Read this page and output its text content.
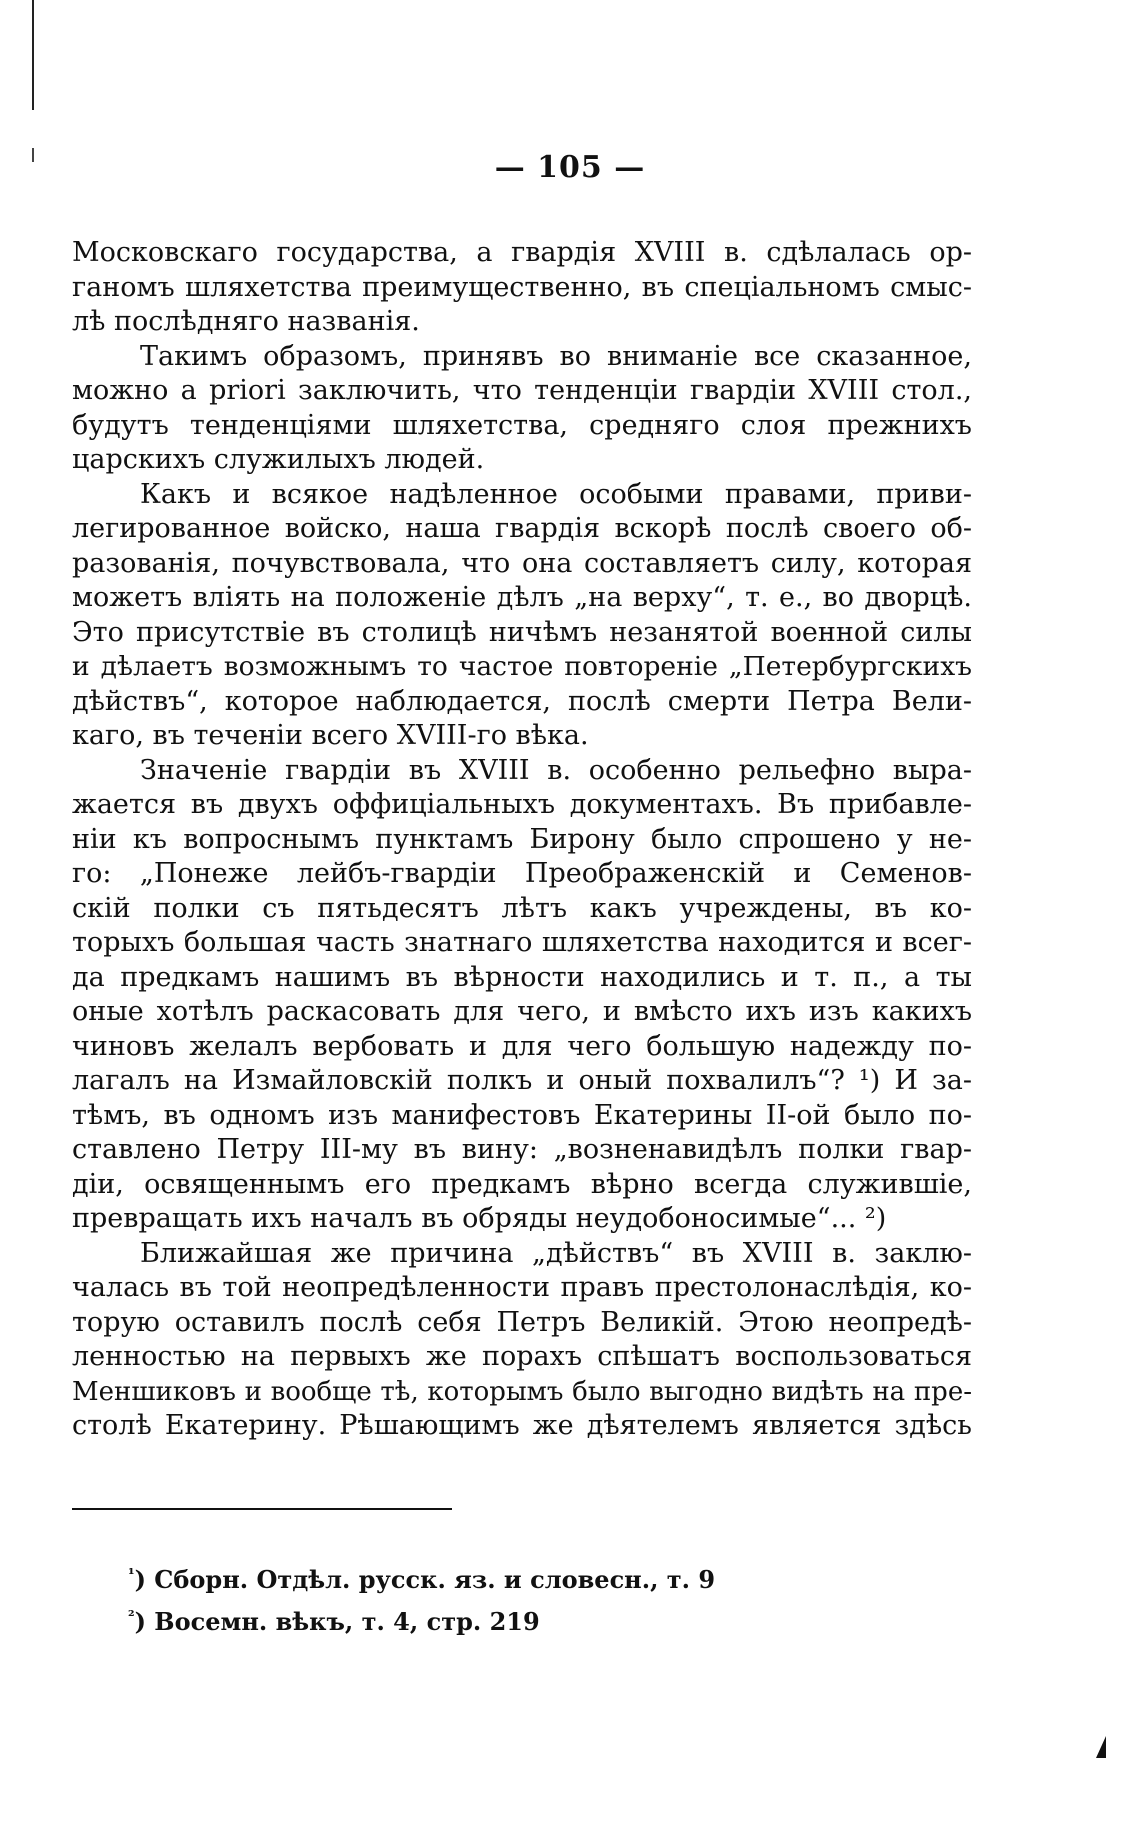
— 105 —
Московскаго государства, а гвардія XVIII в. сдѣлалась ор-
ганомъ шляхетства преимущественно, въ спеціальномъ смыс-
лѣ послѣдняго названія.
Такимъ образомъ, принявъ во вниманіе все сказанное,
можно a priori заключить, что тенденціи гвардіи XVIII стол.,
будутъ тенденціями шляхетства, средняго слоя прежнихъ
царскихъ служилыхъ людей.
Какъ и всякое надѣленное особыми правами, приви-
легированное войско, наша гвардія вскорѣ послѣ своего об-
разованія, почувствовала, что она составляетъ силу, которая
можетъ вліять на положеніе дѣлъ „на верху“, т. е., во дворцѣ.
Это присутствіе въ столицѣ ничѣмъ незанятой военной силы
и дѣлаетъ возможнымъ то частое повтореніе „Петербургскихъ
дѣйствъ“, которое наблюдается, послѣ смерти Петра Вели-
каго, въ теченіи всего XVIII-го вѣка.
Значеніе гвардіи въ XVIII в. особенно рельефно выра-
жается въ двухъ оффиціальныхъ документахъ. Въ прибавле-
ніи къ вопроснымъ пунктамъ Бирону было спрошено у не-
го: „Понеже лейбъ-гвардіи Преображенскій и Семенов-
скій полки съ пятьдесятъ лѣтъ какъ учреждены, въ ко-
торыхъ большая часть знатнаго шляхетства находится и всег-
да предкамъ нашимъ въ вѣрности находились и т. п., а ты
оные хотѣлъ раскасовать для чего, и вмѣсто ихъ изъ какихъ
чиновъ желалъ вербовать и для чего большую надежду по-
лагалъ на Измайловскій полкъ и оный похвалилъ“? ¹) И за-
тѣмъ, въ одномъ изъ манифестовъ Екатерины II-ой было по-
ставлено Петру III-му въ вину: „возненавидѣлъ полки гвар-
діи, освященнымъ его предкамъ вѣрно всегда служившіе,
превращать ихъ началъ въ обряды неудобоносимые“... ²)
Ближайшая же причина „дѣйствъ“ въ XVIII в. заклю-
чалась въ той неопредѣленности правъ престолонаслѣдія, ко-
торую оставилъ послѣ себя Петръ Великій. Этою неопредѣ-
ленностью на первыхъ же порахъ спѣшатъ воспользоваться
Меншиковъ и вообще тѣ, которымъ было выгодно видѣть на пре-
столѣ Екатерину. Рѣшающимъ же дѣятелемъ является здѣсь
$^{^1}$) Сборн. Отдѣл. русск. яз. и словесн., т. 9
$^{^2}$) Восемн. вѣкъ, т. 4, стр. 219
